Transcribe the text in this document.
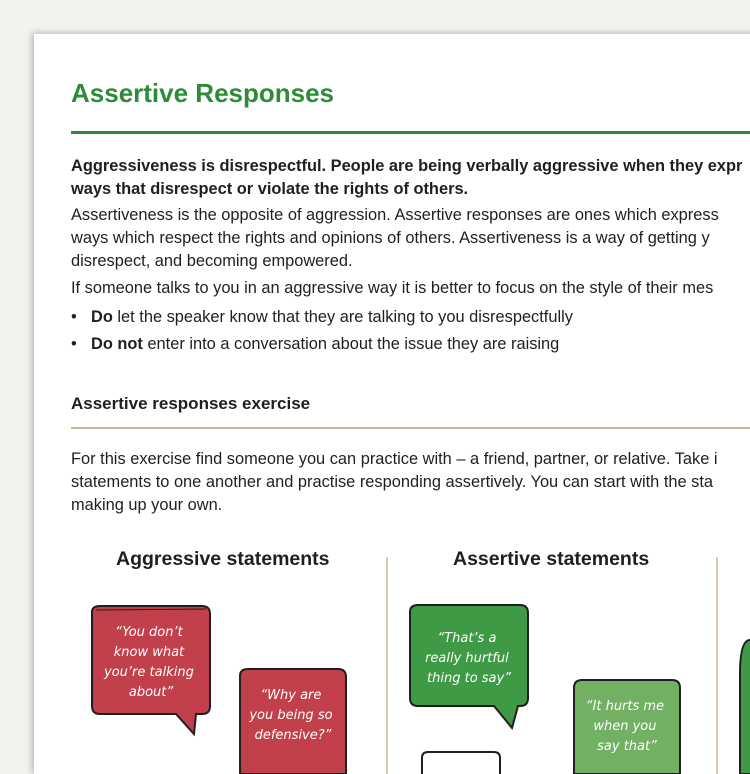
Assertive Responses
Aggressiveness is disrespectful. People are being verbally aggressive when they expr
ways that disrespect or violate the rights of others.
Assertiveness is the opposite of aggression. Assertive responses are ones which express
ways which respect the rights and opinions of others. Assertiveness is a way of getting y
disrespect, and becoming empowered.
If someone talks to you in an aggressive way it is better to focus on the style of their mes
• Do let the speaker know that they are talking to you disrespectfully
• Do not enter into a conversation about the issue they are raising
Assertive responses exercise
For this exercise find someone you can practice with – a friend, partner, or relative. Take i
statements to one another and practise responding assertively. You can start with the sta
making up your own.
Aggressive statements	Assertive statements
“You don’t know what you’re talking about”	“Why are you being so defensive?”
“That’s a really hurtful thing to say”
“It hurts me when you say that”
